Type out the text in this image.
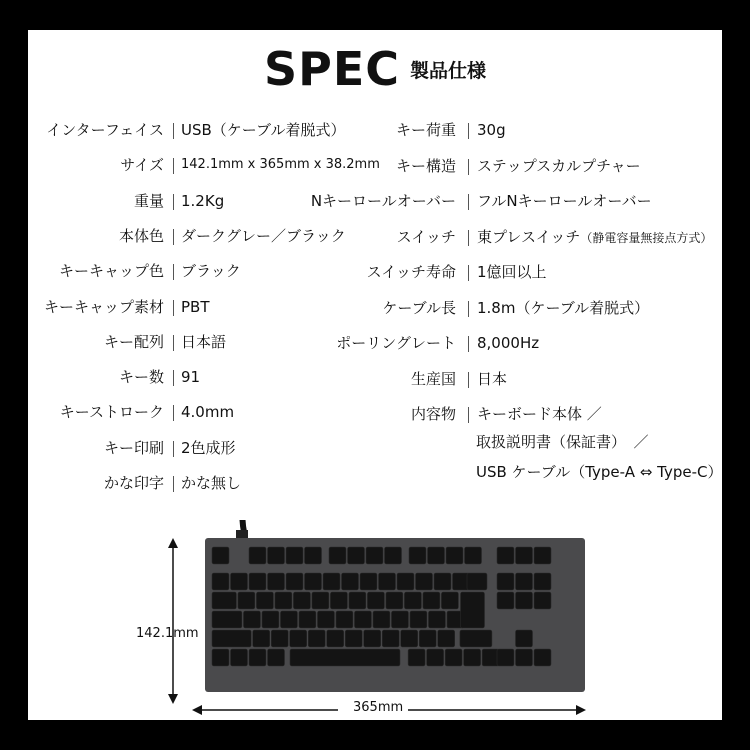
SPEC 製品仕様
インターフェイス USB（ケーブル着脱式）
サイズ 142.1mm x 365mm x 38.2mm
重量 1.2Kg
本体色 ダークグレー／ブラック
キーキャップ色 ブラック
キーキャップ素材 PBT
キー配列 日本語
キー数 91
キーストローク 4.0mm
キー印刷 2色成形
かな印字 かな無し
キー荷重 30g
キー構造 ステップスカルプチャー
Nキーロールオーバー フルNキーロールオーバー
スイッチ 東プレスイッチ（静電容量無接点方式）
スイッチ寿命 1億回以上
ケーブル長 1.8m（ケーブル着脱式）
ポーリングレート 8,000Hz
生産国 日本
内容物 キーボード本体 ／
取扱説明書（保証書）　／
USB ケーブル（Type-A ⇔ Type-C）
142.1mm
365mm
